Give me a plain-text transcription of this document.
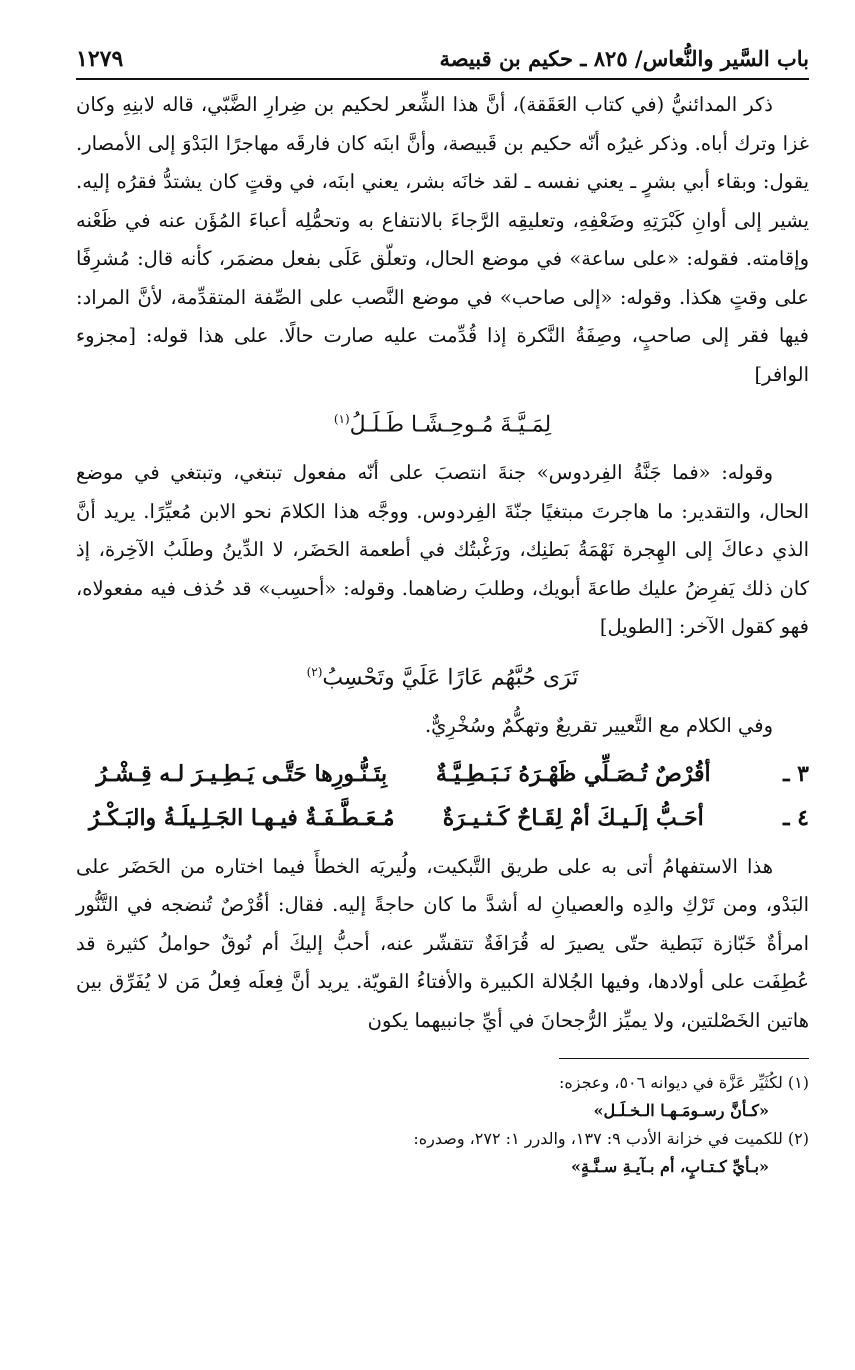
باب السَّير والنُّعاس/ ٨٢٥ ـ حكيم بن قبيصة
١٢٧٩

ذكر المدائنيُّ (في كتاب العَقَقة)، أنَّ هذا الشِّعر لحكيم بن ضِرارِ الضَّبّي، قاله لابنِهِ وكان غزا وترك أباه. وذكر غيرُه أنّه حكيم بن قَبيصة، وأنَّ ابنَه كان فارقَه مهاجرًا البَدْوَ إلى الأمصار. يقول: وبقاء أبي بشرٍ ـ يعني نفسه ـ لقد خانَه بشر، يعني ابنَه، في وقتٍ كان يشتدُّ فقرُه إليه. يشير إلى أوانِ كَبْرَتِهِ وضَعْفِهِ، وتعليقِه الرَّجاءَ بالانتفاع به وتحمُّلِه أعباءَ المُؤَن عنه في ظَعْنه وإقامته. فقوله: «على ساعة» في موضع الحال، وتعلّق عَلَى بفعل مضمَر، كأنه قال: مُشرِفًا على وقتٍ هكذا. وقوله: «إلى صاحب» في موضع النَّصب على الصِّفة المتقدِّمة، لأنَّ المراد: فيها فقر إلى صاحبٍ، وصِفَةُ النَّكرة إذا قُدِّمت عليه صارت حالًا. على هذا قوله: [مجزوء الوافر]

لِمَـيَّـةَ مُـوحِـشًـا طَـلَـلُ$^{(١)}$

وقوله: «فما جَنَّةُ الفِردوس» جنةَ انتصبَ على أنّه مفعول تبتغي، وتبتغي في موضع الحال، والتقدير: ما هاجرتَ مبتغيًا جنّةَ الفِردوس. ووجَّه هذا الكلامَ نحو الابن مُعيِّرًا. يريد أنَّ الذي دعاكَ إلى الهِجرة نَهْمَةُ بَطنِك، ورَغْبتُك في أطعمة الحَضَر، لا الدِّينُ وطلَبُ الآخِرة، إذ كان ذلك يَفرِضُ عليك طاعةَ أبويك، وطلبَ رضاهما. وقوله: «أحسِب» قد حُذف فيه مفعولاه، فهو كقول الآخر: [الطويل]

تَرَى حُبَّهُم عَارًا عَلَيَّ وتَحْسِبُ$^{(٢)}$

وفي الكلام مع التَّعيير تقريعٌ وتهكُّمٌ وسُخْرِيٌّ.

٣ ـ
أقُرْصٌ تُـصَـلِّي ظَهْـرَهُ نَـبَـطِـيَّـةٌ
بِتَـنُّـورِها حَتَّـى يَـطِـيـرَ لـه قِـشْـرُ
٤ ـ
أحَـبُّ إلَـيـكَ أمْ لِقَـاحٌ كَـثـيـرَةٌ
مُـعَـطَّـفَـةٌ فيـهـا الجَـلِـيلَـةُ والبَـكْـرُ

هذا الاستفهامُ أتى به على طريق التَّبكيت، ولُيريَه الخطأَ فيما اختاره من الحَضَر على البَدْو، ومن تَرْكِ والدِه والعصيانِ له أشدَّ ما كان حاجةً إليه. فقال: أقُرْصٌ تُنضجه في التَّنُّور امرأةٌ خَبّازة نَبَطية حتّى يصيرَ له قُرَافَةٌ تتقشّر عنه، أحبُّ إليكَ أم نُوقٌ حواملُ كثيرة قد عُطِفَت على أولادها، وفيها الجُلالة الكبيرة والأفتاءُ القويّة. يريد أنَّ فِعلَه فِعلُ مَن لا يُفَرِّق بين هاتين الخَصْلتين، ولا يميِّز الرُّجحانَ في أيِّ جانبيهما يكون

(١) لكُثَيِّر عَزَّة في ديوانه ٥٠٦، وعجزه:

«كـأنَّ رسـومَـهـا الـخـلَـل»

(٢) للكميت في خزانة الأدب ٩: ١٣٧، والدرر ١: ٢٧٢، وصدره:

«بـأيِّ كـتـابٍ، أم بـآيـةِ سـنَّـةٍ»
